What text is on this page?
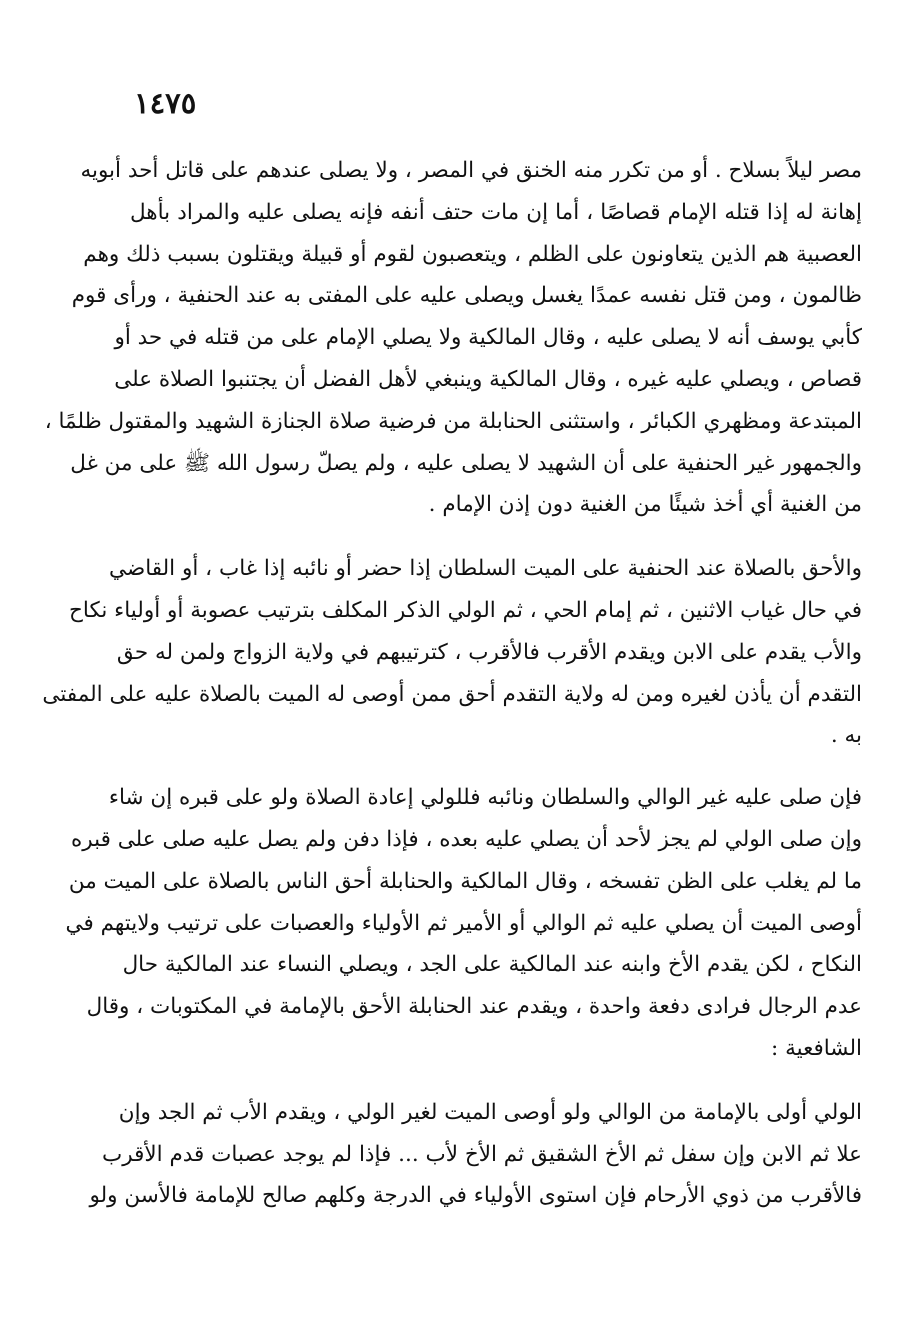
١٤٧٥
مصر ليلاً بسلاح . أو من تكرر منه الخنق في المصر ، ولا يصلى عندهم على قاتل أحد أبويه
إهانة له إذا قتله الإمام قصاصًا ، أما إن مات حتف أنفه فإنه يصلى عليه والمراد بأهل
العصبية هم الذين يتعاونون على الظلم ، ويتعصبون لقوم أو قبيلة ويقتلون بسبب ذلك وهم
ظالمون ، ومن قتل نفسه عمدًا يغسل ويصلى عليه على المفتى به عند الحنفية ، ورأى قوم
كأبي يوسف أنه لا يصلى عليه ، وقال المالكية ولا يصلي الإمام على من قتله في حد أو
قصاص ، ويصلي عليه غيره ، وقال المالكية وينبغي لأهل الفضل أن يجتنبوا الصلاة على
المبتدعة ومظهري الكبائر ، واستثنى الحنابلة من فرضية صلاة الجنازة الشهيد والمقتول ظلمًا ،
والجمهور غير الحنفية على أن الشهيد لا يصلى عليه ، ولم يصلّ رسول الله ﷺ على من غل
من الغنية أي أخذ شيئًا من الغنية دون إذن الإمام .
والأحق بالصلاة عند الحنفية على الميت السلطان إذا حضر أو نائبه إذا غاب ، أو القاضي
في حال غياب الاثنين ، ثم إمام الحي ، ثم الولي الذكر المكلف بترتيب عصوبة أو أولياء نكاح
والأب يقدم على الابن ويقدم الأقرب فالأقرب ، كترتيبهم في ولاية الزواج ولمن له حق
التقدم أن يأذن لغيره ومن له ولاية التقدم أحق ممن أوصى له الميت بالصلاة عليه على المفتى
به .
فإن صلى عليه غير الوالي والسلطان ونائبه فللولي إعادة الصلاة ولو على قبره إن شاء
وإن صلى الولي لم يجز لأحد أن يصلي عليه بعده ، فإذا دفن ولم يصل عليه صلى على قبره
ما لم يغلب على الظن تفسخه ، وقال المالكية والحنابلة أحق الناس بالصلاة على الميت من
أوصى الميت أن يصلي عليه ثم الوالي أو الأمير ثم الأولياء والعصبات على ترتيب ولايتهم في
النكاح ، لكن يقدم الأخ وابنه عند المالكية على الجد ، ويصلي النساء عند المالكية حال
عدم الرجال فرادى دفعة واحدة ، ويقدم عند الحنابلة الأحق بالإمامة في المكتوبات ، وقال
الشافعية :
الولي أولى بالإمامة من الوالي ولو أوصى الميت لغير الولي ، ويقدم الأب ثم الجد وإن
علا ثم الابن وإن سفل ثم الأخ الشقيق ثم الأخ لأب ... فإذا لم يوجد عصبات قدم الأقرب
فالأقرب من ذوي الأرحام فإن استوى الأولياء في الدرجة وكلهم صالح للإمامة فالأسن ولو
